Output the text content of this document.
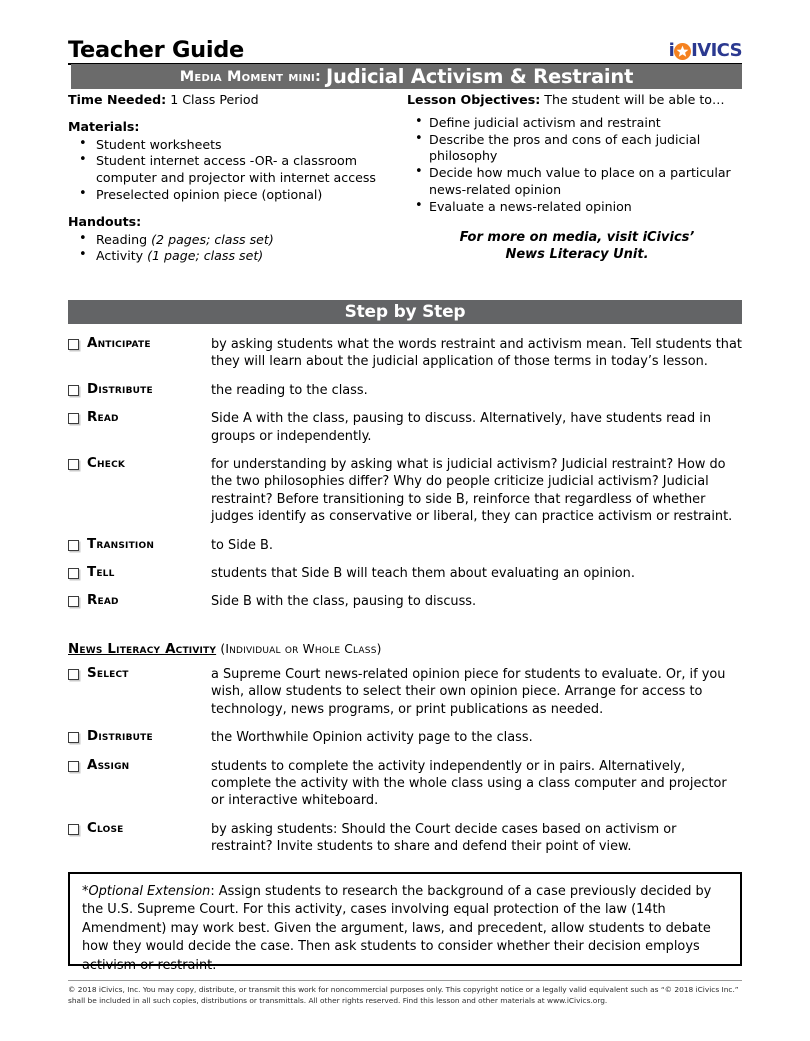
Teacher Guide	i IVICS
Media Moment mini: Judicial Activism & Restraint
Time Needed: 1 Class Period
Materials:
• Student worksheets
• Student internet access -OR- a classroom computer and projector with internet access
• Preselected opinion piece (optional)
Handouts:
• Reading (2 pages; class set)
• Activity (1 page; class set)
Lesson Objectives: The student will be able to…
• Define judicial activism and restraint
• Describe the pros and cons of each judicial philosophy
• Decide how much value to place on a particular news-related opinion
• Evaluate a news-related opinion
For more on media, visit iCivics’
News Literacy Unit.
Step by Step
Anticipate	by asking students what the words restraint and activism mean. Tell students that they will learn about the judicial application of those terms in today’s lesson.
Distribute	the reading to the class.
Read	Side A with the class, pausing to discuss. Alternatively, have students read in groups or independently.
Check	for understanding by asking what is judicial activism? Judicial restraint? How do the two philosophies differ? Why do people criticize judicial activism? Judicial restraint? Before transitioning to side B, reinforce that regardless of whether judges identify as conservative or liberal, they can practice activism or restraint.
Transition	to Side B.
Tell	students that Side B will teach them about evaluating an opinion.
Read	Side B with the class, pausing to discuss.
News Literacy Activity (Individual or Whole Class)
Select	a Supreme Court news-related opinion piece for students to evaluate. Or, if you wish, allow students to select their own opinion piece. Arrange for access to technology, news programs, or print publications as needed.
Distribute	the Worthwhile Opinion activity page to the class.
Assign	students to complete the activity independently or in pairs. Alternatively, complete the activity with the whole class using a class computer and projector or interactive whiteboard.
Close	by asking students: Should the Court decide cases based on activism or restraint? Invite students to share and defend their point of view.
*Optional Extension: Assign students to research the background of a case previously decided by the U.S. Supreme Court. For this activity, cases involving equal protection of the law (14th Amendment) may work best. Given the argument, laws, and precedent, allow students to debate how they would decide the case. Then ask students to consider whether their decision employs activism or restraint.
© 2018 iCivics, Inc. You may copy, distribute, or transmit this work for noncommercial purposes only. This copyright notice or a legally valid equivalent such as “© 2018 iCivics Inc.” shall be included in all such copies, distributions or transmittals. All other rights reserved. Find this lesson and other materials at www.iCivics.org.
